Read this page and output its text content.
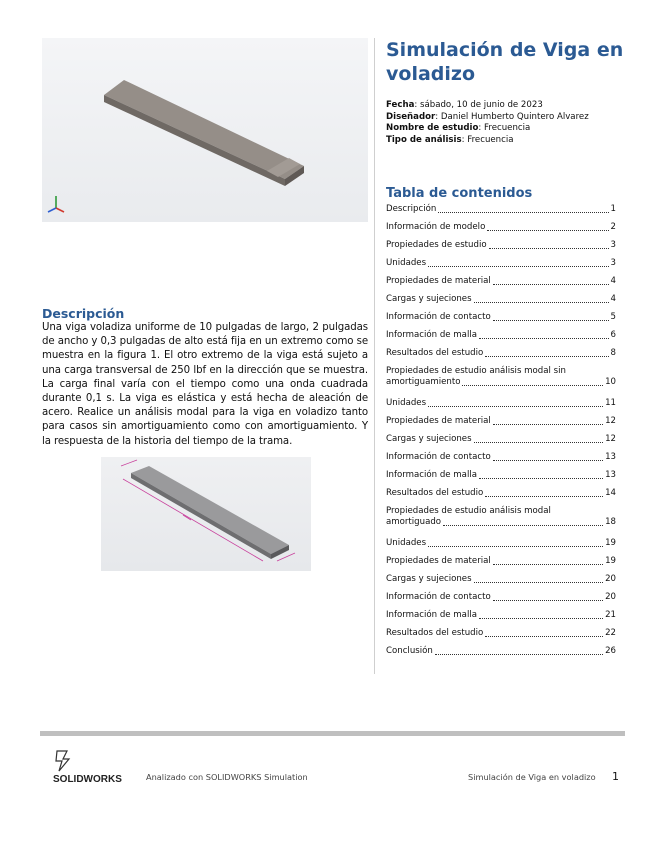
Descripción

Una viga voladiza uniforme de 10 pulgadas de largo, 2 pulgadas de ancho y 0,3 pulgadas de alto está fija en un extremo como se muestra en la figura 1. El otro extremo de la viga está sujeto a una carga transversal de 250 lbf en la dirección que se muestra. La carga final varía con el tiempo como una onda cuadrada durante 0,1 s. La viga es elástica y está hecha de aleación de acero. Realice un análisis modal para la viga en voladizo tanto para casos sin amortiguamiento como con amortiguamiento. Y la respuesta de la historia del tiempo de la trama.

Simulación de Viga en voladizo
Fecha: sábado, 10 de junio de 2023
Diseñador: Daniel Humberto Quintero Alvarez
Nombre de estudio: Frecuencia
Tipo de análisis: Frecuencia
Tabla de contenidos
Descripción	1
Información de modelo	2
Propiedades de estudio	3
Unidades	3
Propiedades de material	4
Cargas y sujeciones	4
Información de contacto	5
Información de malla	6
Resultados del estudio	8
Propiedades de estudio análisis modal sin
amortiguamiento	10
Unidades	11
Propiedades de material	12
Cargas y sujeciones	12
Información de contacto	13
Información de malla	13
Resultados del estudio	14
Propiedades de estudio análisis modal
amortiguado	18
Unidades	19
Propiedades de material	19
Cargas y sujeciones	20
Información de contacto	20
Información de malla	21
Resultados del estudio	22
Conclusión	26
SOLIDWORKS	Analizado con SOLIDWORKS Simulation	Simulación de Viga en voladizo 1
